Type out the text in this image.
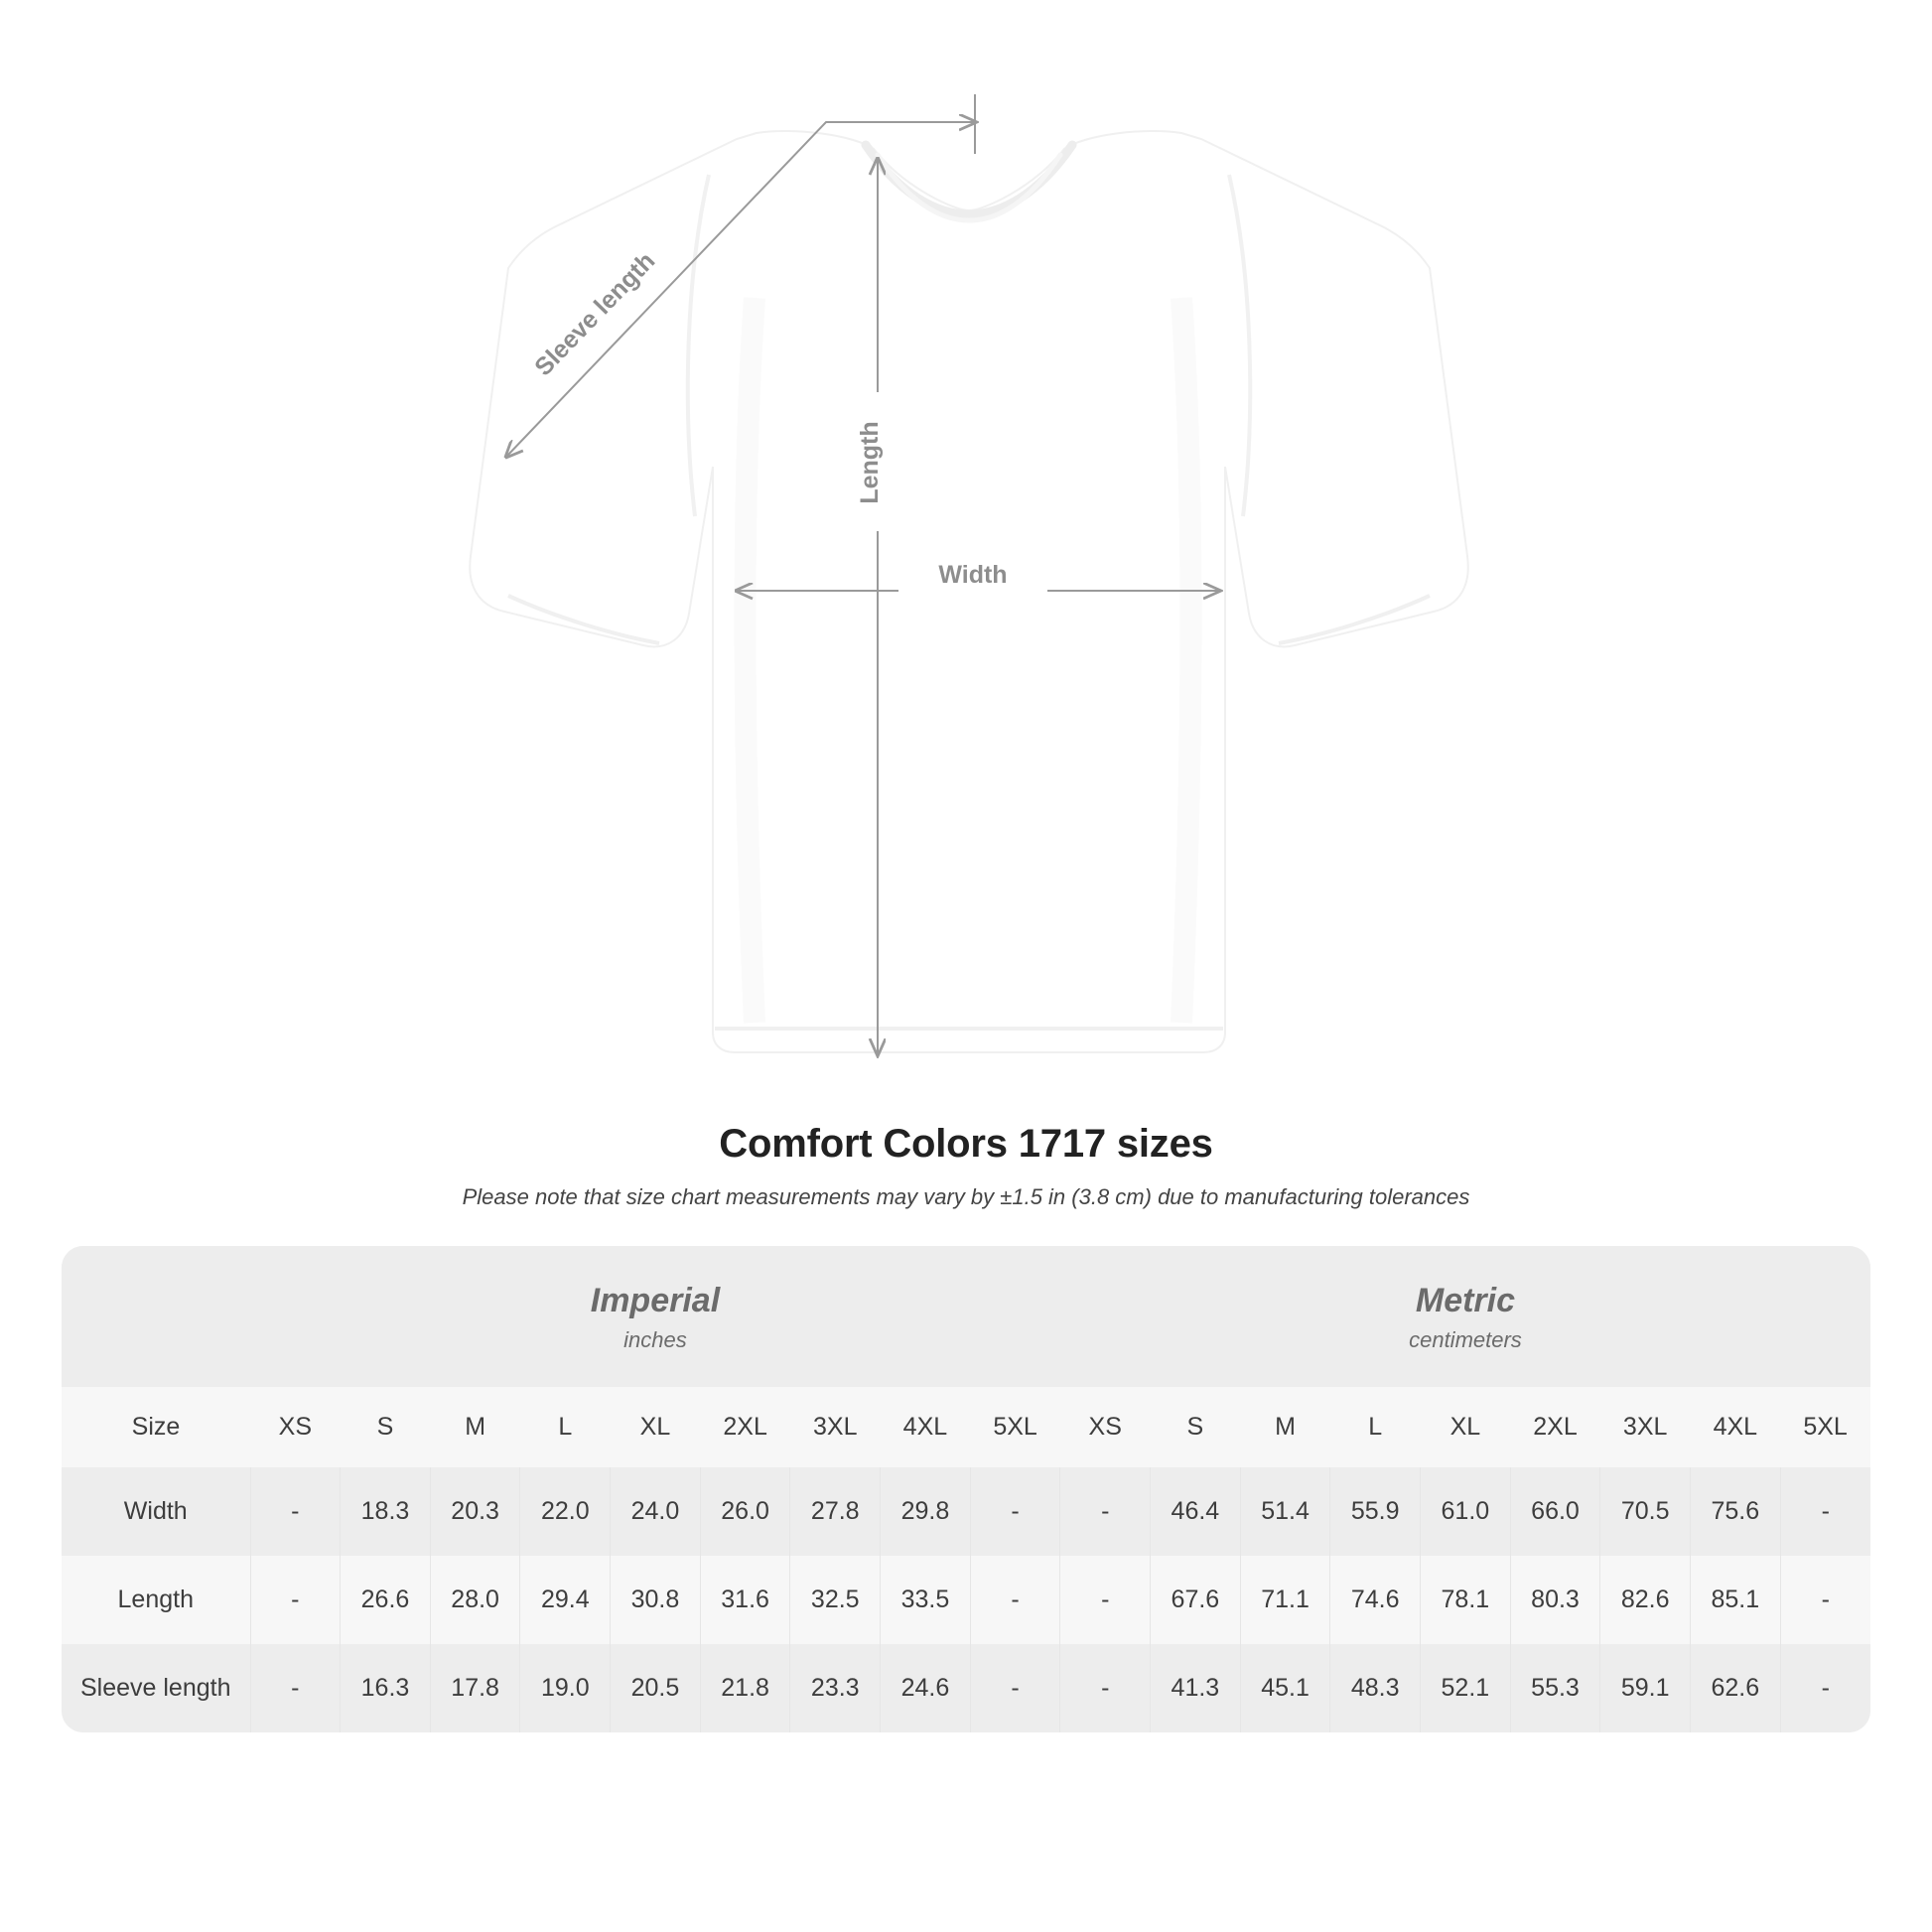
Length
Width
Sleeve length
Comfort Colors 1717 sizes
Please note that size chart measurements may vary by ±1.5 in (3.8 cm) due to manufacturing tolerances

Imperial
inches

Metric
centimeters

Size	XS	S	M	L	XL	2XL	3XL	4XL	5XL	XS	S	M	L	XL	2XL	3XL	4XL	5XL
Width	-	18.3	20.3	22.0	24.0	26.0	27.8	29.8	-	-	46.4	51.4	55.9	61.0	66.0	70.5	75.6	-
Length	-	26.6	28.0	29.4	30.8	31.6	32.5	33.5	-	-	67.6	71.1	74.6	78.1	80.3	82.6	85.1	-
Sleeve length	-	16.3	17.8	19.0	20.5	21.8	23.3	24.6	-	-	41.3	45.1	48.3	52.1	55.3	59.1	62.6	-
